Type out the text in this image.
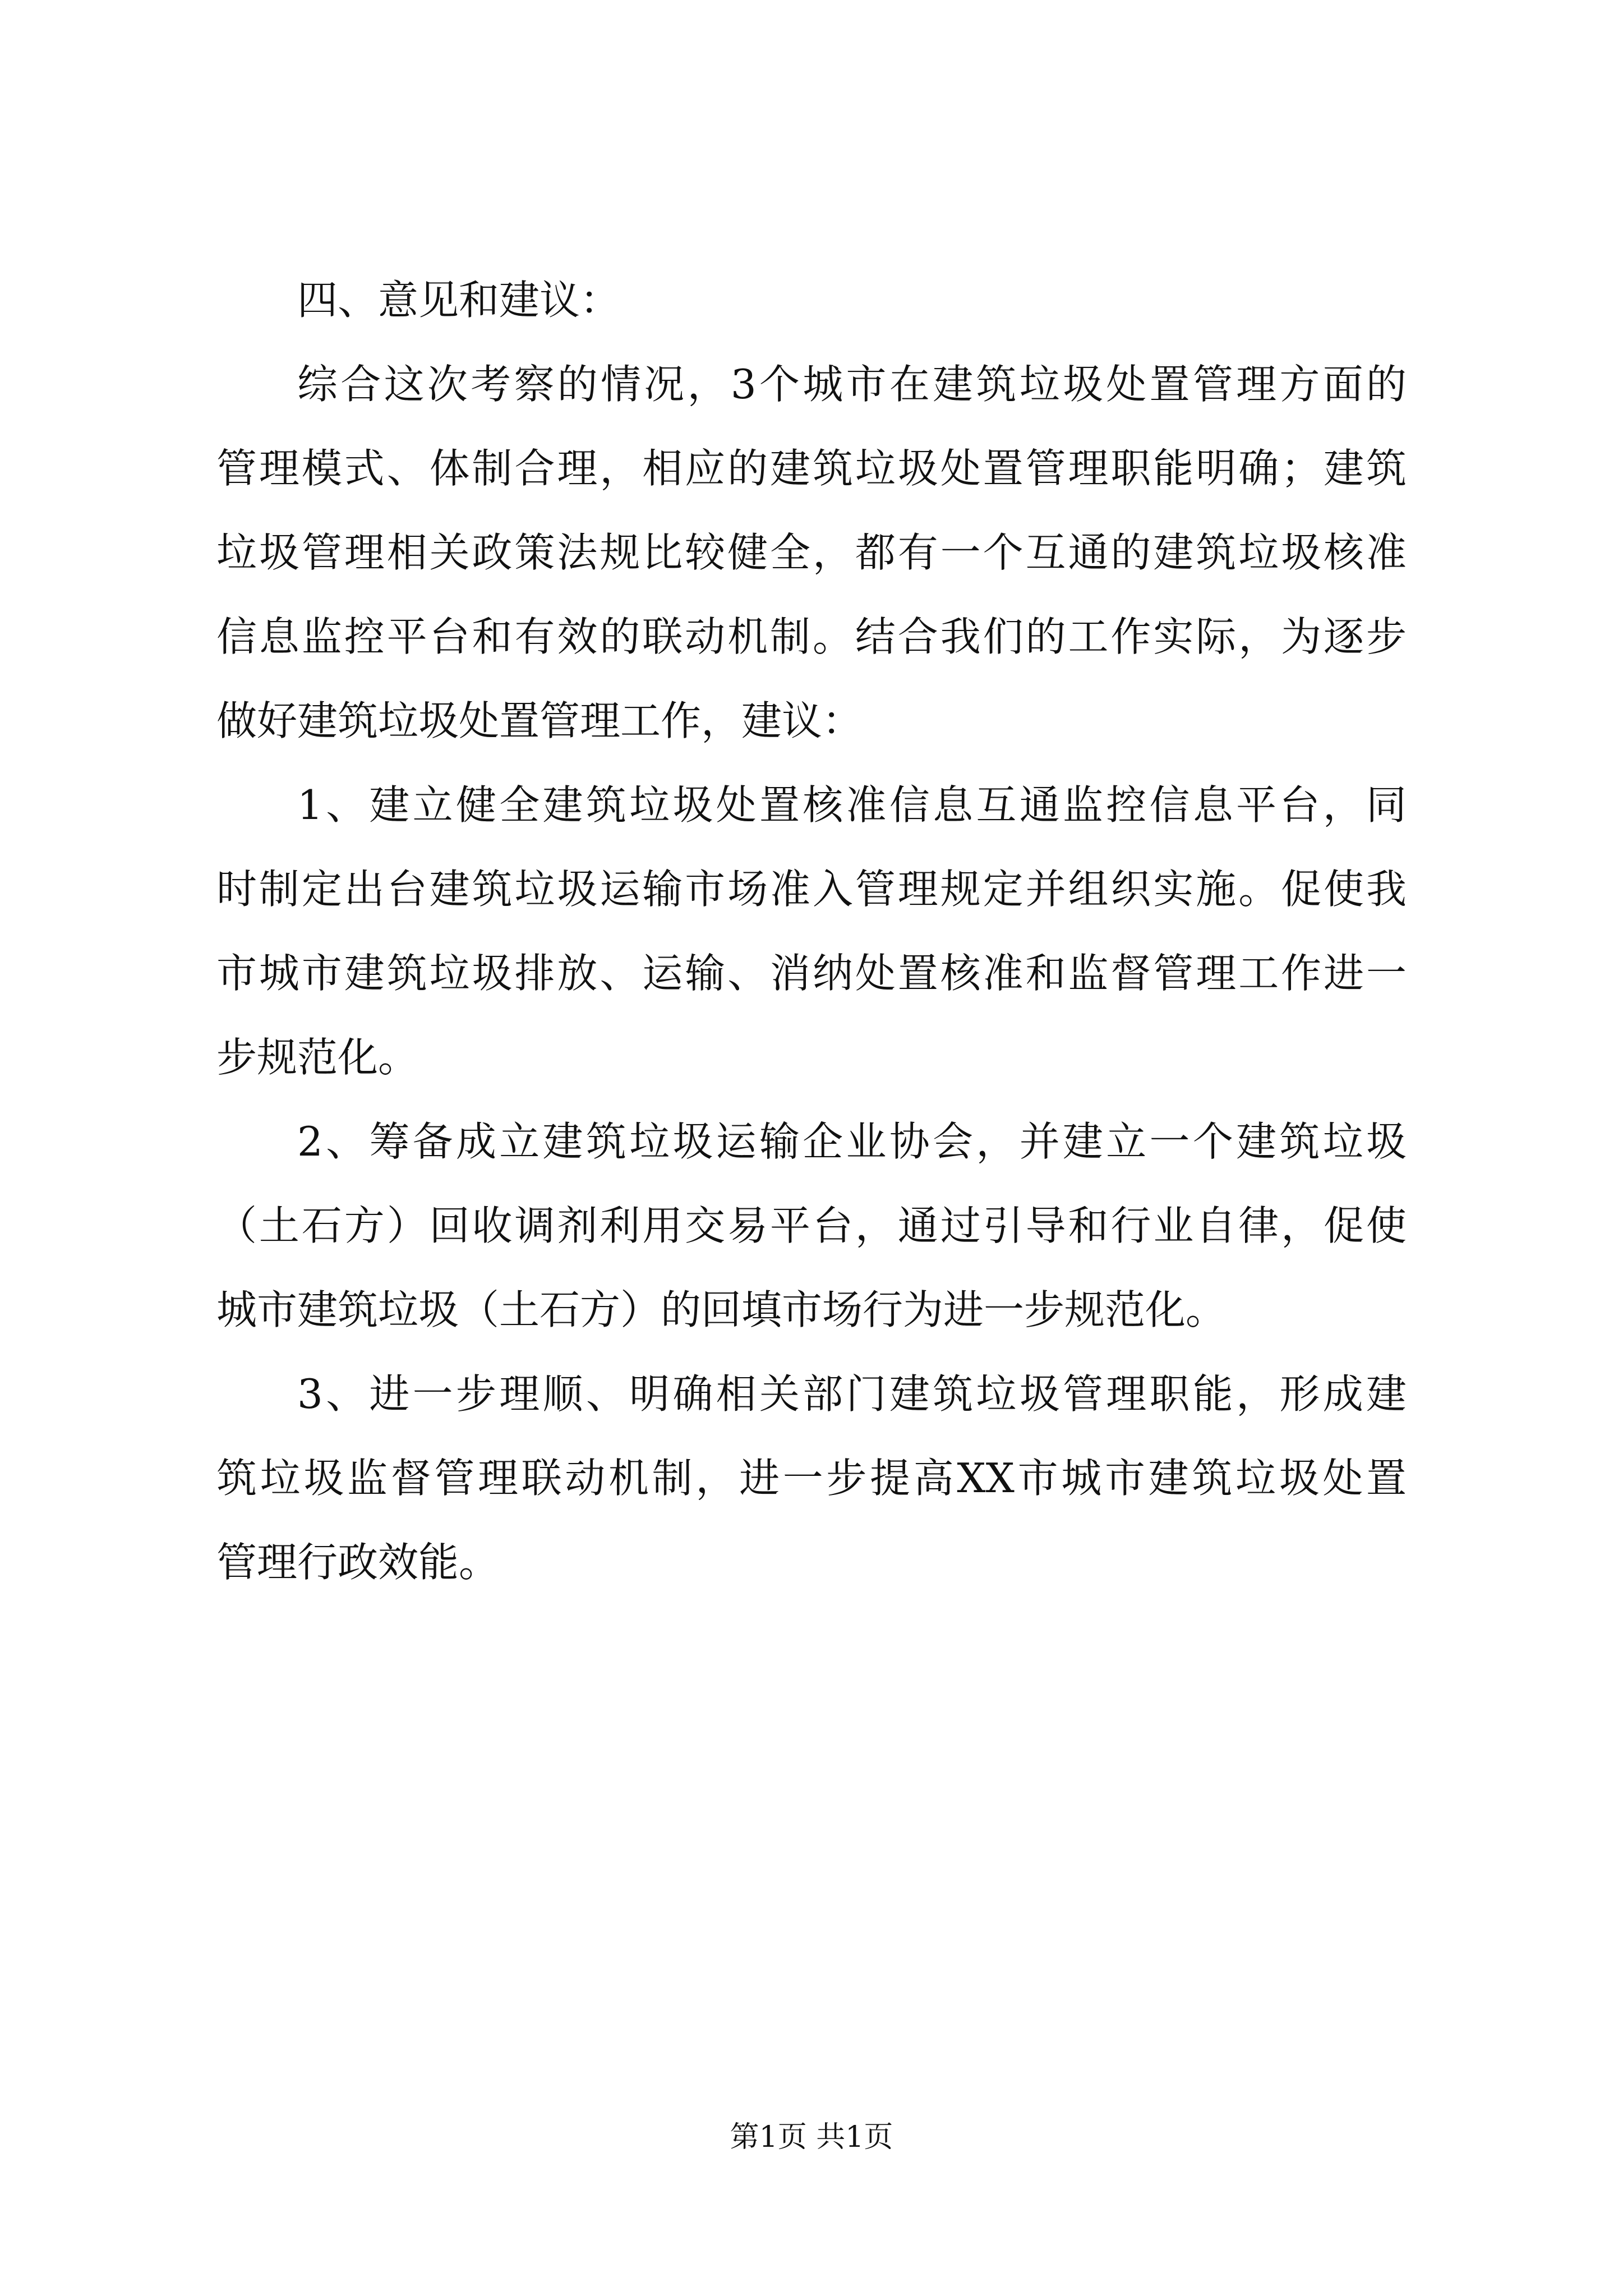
四、意见和建议：
综合这次考察的情况，3个城市在建筑垃圾处置管理方面的
管理模式、体制合理，相应的建筑垃圾处置管理职能明确；建筑
垃圾管理相关政策法规比较健全，都有一个互通的建筑垃圾核准
信息监控平台和有效的联动机制。结合我们的工作实际，为逐步
做好建筑垃圾处置管理工作，建议：
1、建立健全建筑垃圾处置核准信息互通监控信息平台，同
时制定出台建筑垃圾运输市场准入管理规定并组织实施。促使我
市城市建筑垃圾排放、运输、消纳处置核准和监督管理工作进一
步规范化。
2、筹备成立建筑垃圾运输企业协会，并建立一个建筑垃圾
（土石方）回收调剂利用交易平台，通过引导和行业自律，促使
城市建筑垃圾（土石方）的回填市场行为进一步规范化。
3、进一步理顺、明确相关部门建筑垃圾管理职能，形成建
筑垃圾监督管理联动机制，进一步提高XX市城市建筑垃圾处置
管理行政效能。
第1页 共1页
